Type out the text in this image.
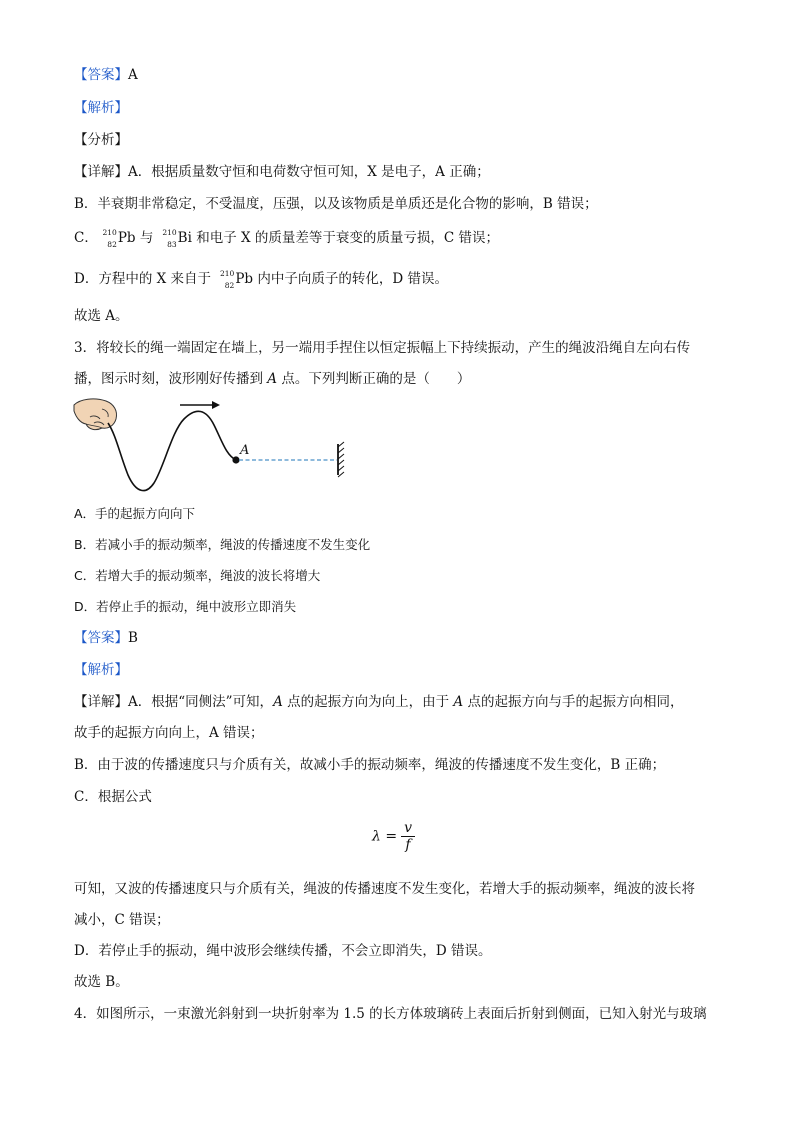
【答案】A
【解析】
【分析】
【详解】A．根据质量数守恒和电荷数守恒可知，X 是电子，A 正确；
B．半衰期非常稳定，不受温度，压强，以及该物质是单质还是化合物的影响，B 错误；
C． 210
82 Pb 与 210
83 Bi 和电子 X 的质量差等于衰变的质量亏损，C 错误；
D．方程中的 X 来自于 210
82 Pb 内中子向质子的转化，D 错误。
故选 A。
3．将较长的绳一端固定在墙上，另一端用手捏住以恒定振幅上下持续振动，产生的绳波沿绳自左向右传
播，图示时刻，波形刚好传播到 A 点。下列判断正确的是（　　）
A
A．手的起振方向向下
B．若减小手的振动频率，绳波的传播速度不发生变化
C．若增大手的振动频率，绳波的波长将增大
D．若停止手的振动，绳中波形立即消失
【答案】B
【解析】
【详解】A．根据“同侧法”可知，A 点的起振方向为向上，由于 A 点的起振方向与手的起振方向相同，
故手的起振方向向上，A 错误；
B．由于波的传播速度只与介质有关，故减小手的振动频率，绳波的传播速度不发生变化，B 正确；
C．根据公式
$\lambda = \frac{v}{f}$
可知，又波的传播速度只与介质有关，绳波的传播速度不发生变化，若增大手的振动频率，绳波的波长将
减小，C 错误；
D．若停止手的振动，绳中波形会继续传播，不会立即消失，D 错误。
故选 B。
4．如图所示，一束激光斜射到一块折射率为 1.5 的长方体玻璃砖上表面后折射到侧面，已知入射光与玻璃
